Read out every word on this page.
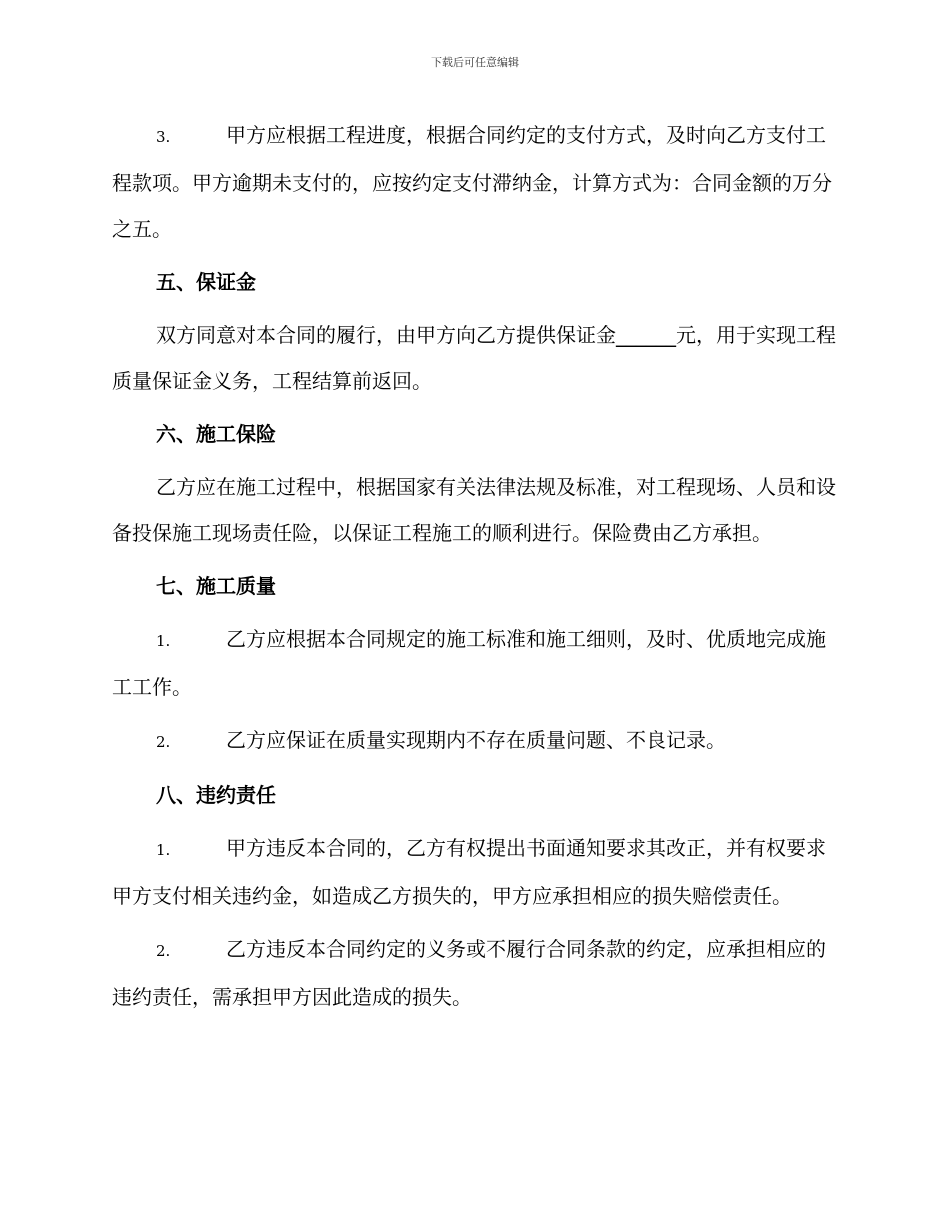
下载后可任意编辑

3.	甲方应根据工程进度，根据合同约定的支付方式，及时向乙方支付工程款项。甲方逾期未支付的，应按约定支付滞纳金，计算方式为：合同金额的万分之五。

五、保证金

双方同意对本合同的履行，由甲方向乙方提供保证金______元，用于实现工程质量保证金义务，工程结算前返回。

六、施工保险

乙方应在施工过程中，根据国家有关法律法规及标准，对工程现场、人员和设备投保施工现场责任险，以保证工程施工的顺利进行。保险费由乙方承担。

七、施工质量

1.	乙方应根据本合同规定的施工标准和施工细则，及时、优质地完成施工工作。

2.	乙方应保证在质量实现期内不存在质量问题、不良记录。

八、违约责任

1.	甲方违反本合同的，乙方有权提出书面通知要求其改正，并有权要求甲方支付相关违约金，如造成乙方损失的，甲方应承担相应的损失赔偿责任。

2.	乙方违反本合同约定的义务或不履行合同条款的约定，应承担相应的违约责任，需承担甲方因此造成的损失。
